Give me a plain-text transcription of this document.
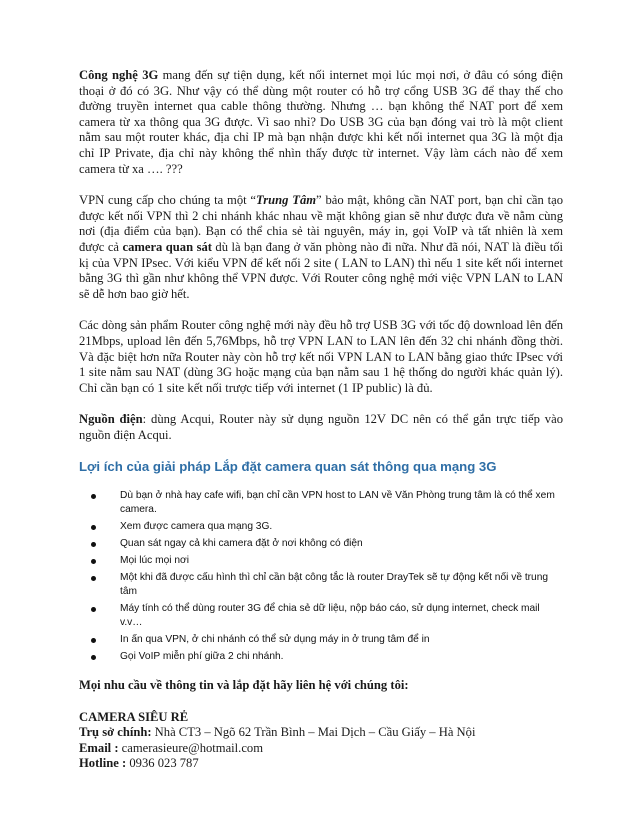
Công nghệ 3G mang đến sự tiện dụng, kết nối internet mọi lúc mọi nơi, ở đâu có sóng điện thoại ở đó có 3G. Như vậy có thể dùng một router có hỗ trợ cổng USB 3G để thay thế cho đường truyền internet qua cable thông thường. Nhưng … bạn không thể NAT port để xem camera từ xa thông qua 3G được. Vì sao nhỉ? Do USB 3G của bạn đóng vai trò là một client nằm sau một router khác, địa chỉ IP mà bạn nhận được khi kết nối internet qua 3G là một địa chỉ IP Private, địa chỉ này không thể nhìn thấy được từ internet. Vậy làm cách nào để xem camera từ xa …. ???

VPN cung cấp cho chúng ta một “Trung Tâm” bảo mật, không cần NAT port, bạn chỉ cần tạo được kết nối VPN thì 2 chi nhánh khác nhau về mặt không gian sẽ như được đưa về nằm cùng nơi (địa điểm của bạn). Bạn có thể chia sẻ tài nguyên, máy in, gọi VoIP và tất nhiên là xem được cả camera quan sát dù là bạn đang ở văn phòng nào đi nữa. Như đã nói, NAT là điều tối kị của VPN IPsec. Với kiểu VPN để kết nối 2 site ( LAN to LAN) thì nếu 1 site kết nối internet bằng 3G thì gần như không thể VPN được. Với Router công nghệ mới việc VPN LAN to LAN sẽ dễ hơn bao giờ hết.

Các dòng sản phẩm Router công nghệ mới này đều hỗ trợ USB 3G với tốc độ download lên đến 21Mbps, upload lên đến 5,76Mbps, hỗ trợ VPN LAN to LAN lên đến 32 chi nhánh đồng thời. Và đặc biệt hơn nữa Router này còn hỗ trợ kết nối VPN LAN to LAN bằng giao thức IPsec với 1 site nằm sau NAT (dùng 3G hoặc mạng của bạn nằm sau 1 hệ thống do người khác quản lý). Chỉ cần bạn có 1 site kết nối trược tiếp với internet (1 IP public) là đủ.

Nguồn điện: dùng Acqui, Router này sử dụng nguồn 12V DC nên có thể gắn trực tiếp vào nguồn điện Acqui.

Lợi ích của giải pháp Lắp đặt camera quan sát thông qua mạng 3G
Dù bạn ở nhà hay cafe wifi, bạn chỉ cần VPN host to LAN về Văn Phòng trung tâm là có thể xem camera.
Xem được camera qua mạng 3G.
Quan sát ngay cả khi camera đặt ở nơi không có điện
Mọi lúc mọi nơi
Một khi đã được cấu hình thì chỉ cần bật công tắc là router DrayTek sẽ tự động kết nối về trung tâm
Máy tính có thể dùng router 3G để chia sẻ dữ liệu, nộp báo cáo, sử dụng internet, check mail v.v…
In ấn qua VPN, ở chi nhánh có thể sử dụng máy in ở trung tâm để in
Gọi VoIP miễn phí giữa 2 chi nhánh.

Mọi nhu cầu về thông tin và lắp đặt hãy liên hệ với chúng tôi:

CAMERA SIÊU RẺ

Trụ sở chính: Nhà CT3 – Ngõ 62 Trần Bình – Mai Dịch – Cầu Giấy – Hà Nội

Email : camerasieure@hotmail.com

Hotline : 0936 023 787
